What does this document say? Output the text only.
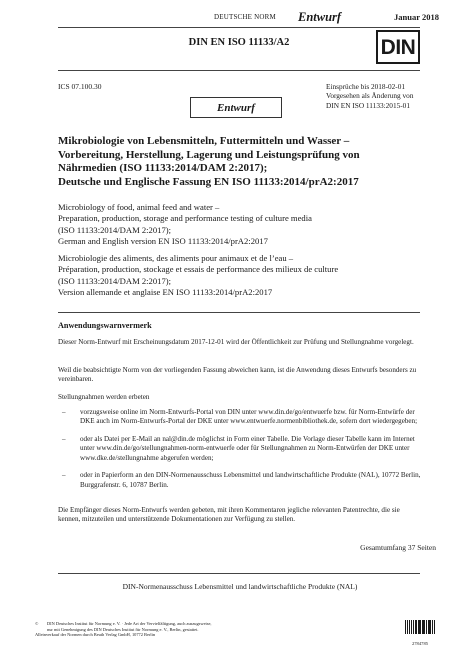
DEUTSCHE NORM Entwurf	Januar 2018
DIN EN ISO 11133/A2	DIN
ICS 07.100.30	Einsprüche bis 2018-02-01
Vorgesehen als Änderung von
DIN EN ISO 11133:2015-01
Entwurf
Mikrobiologie von Lebensmitteln, Futtermitteln und Wasser –
Vorbereitung, Herstellung, Lagerung und Leistungsprüfung von
Nährmedien (ISO 11133:2014/DAM 2:2017);
Deutsche und Englische Fassung EN ISO 11133:2014/prA2:2017
Microbiology of food, animal feed and water –
Preparation, production, storage and performance testing of culture media
(ISO 11133:2014/DAM 2:2017);
German and English version EN ISO 11133:2014/prA2:2017
Microbiologie des aliments, des aliments pour animaux et de l’eau –
Préparation, production, stockage et essais de performance des milieux de culture
(ISO 11133:2014/DAM 2:2017);
Version allemande et anglaise EN ISO 11133:2014/prA2:2017
Anwendungswarnvermerk
Dieser Norm-Entwurf mit Erscheinungsdatum 2017-12-01 wird der Öffentlichkeit zur Prüfung und Stellungnahme vorgelegt.
Weil die beabsichtigte Norm von der vorliegenden Fassung abweichen kann, ist die Anwendung dieses Entwurfs besonders zu vereinbaren.
Stellungnahmen werden erbeten
– vorzugsweise online im Norm-Entwurfs-Portal von DIN unter www.din.de/go/entwuerfe bzw. für Norm-Entwürfe der DKE auch im Norm-Entwurfs-Portal der DKE unter www.entwuerfe.normenbibliothek.de, sofern dort wiedergegeben;
– oder als Datei per E-Mail an nal@din.de möglichst in Form einer Tabelle. Die Vorlage dieser Tabelle kann im Internet unter www.din.de/go/stellungnahmen-norm-entwuerfe oder für Stellungnahmen zu Norm-Entwürfen der DKE unter www.dke.de/stellungnahme abgerufen werden;
– oder in Papierform an den DIN-Normenausschuss Lebensmittel und landwirtschaftliche Produkte (NAL), 10772 Berlin, Burggrafenstr. 6, 10787 Berlin.
Die Empfänger dieses Norm-Entwurfs werden gebeten, mit ihren Kommentaren jegliche relevanten Patentrechte, die sie kennen, mitzuteilen und unterstützende Dokumentationen zur Verfügung zu stellen.
Gesamtumfang 37 Seiten
DIN-Normenausschuss Lebensmittel und landwirtschaftliche Produkte (NAL)
©	DIN Deutsches Institut für Normung e. V. · Jede Art der Vervielfältigung, auch auszugsweise,
nur mit Genehmigung des DIN Deutsches Institut für Normung e. V., Berlin, gestattet.
Alleinverkauf der Normen durch Beuth Verlag GmbH, 10772 Berlin
2784785
